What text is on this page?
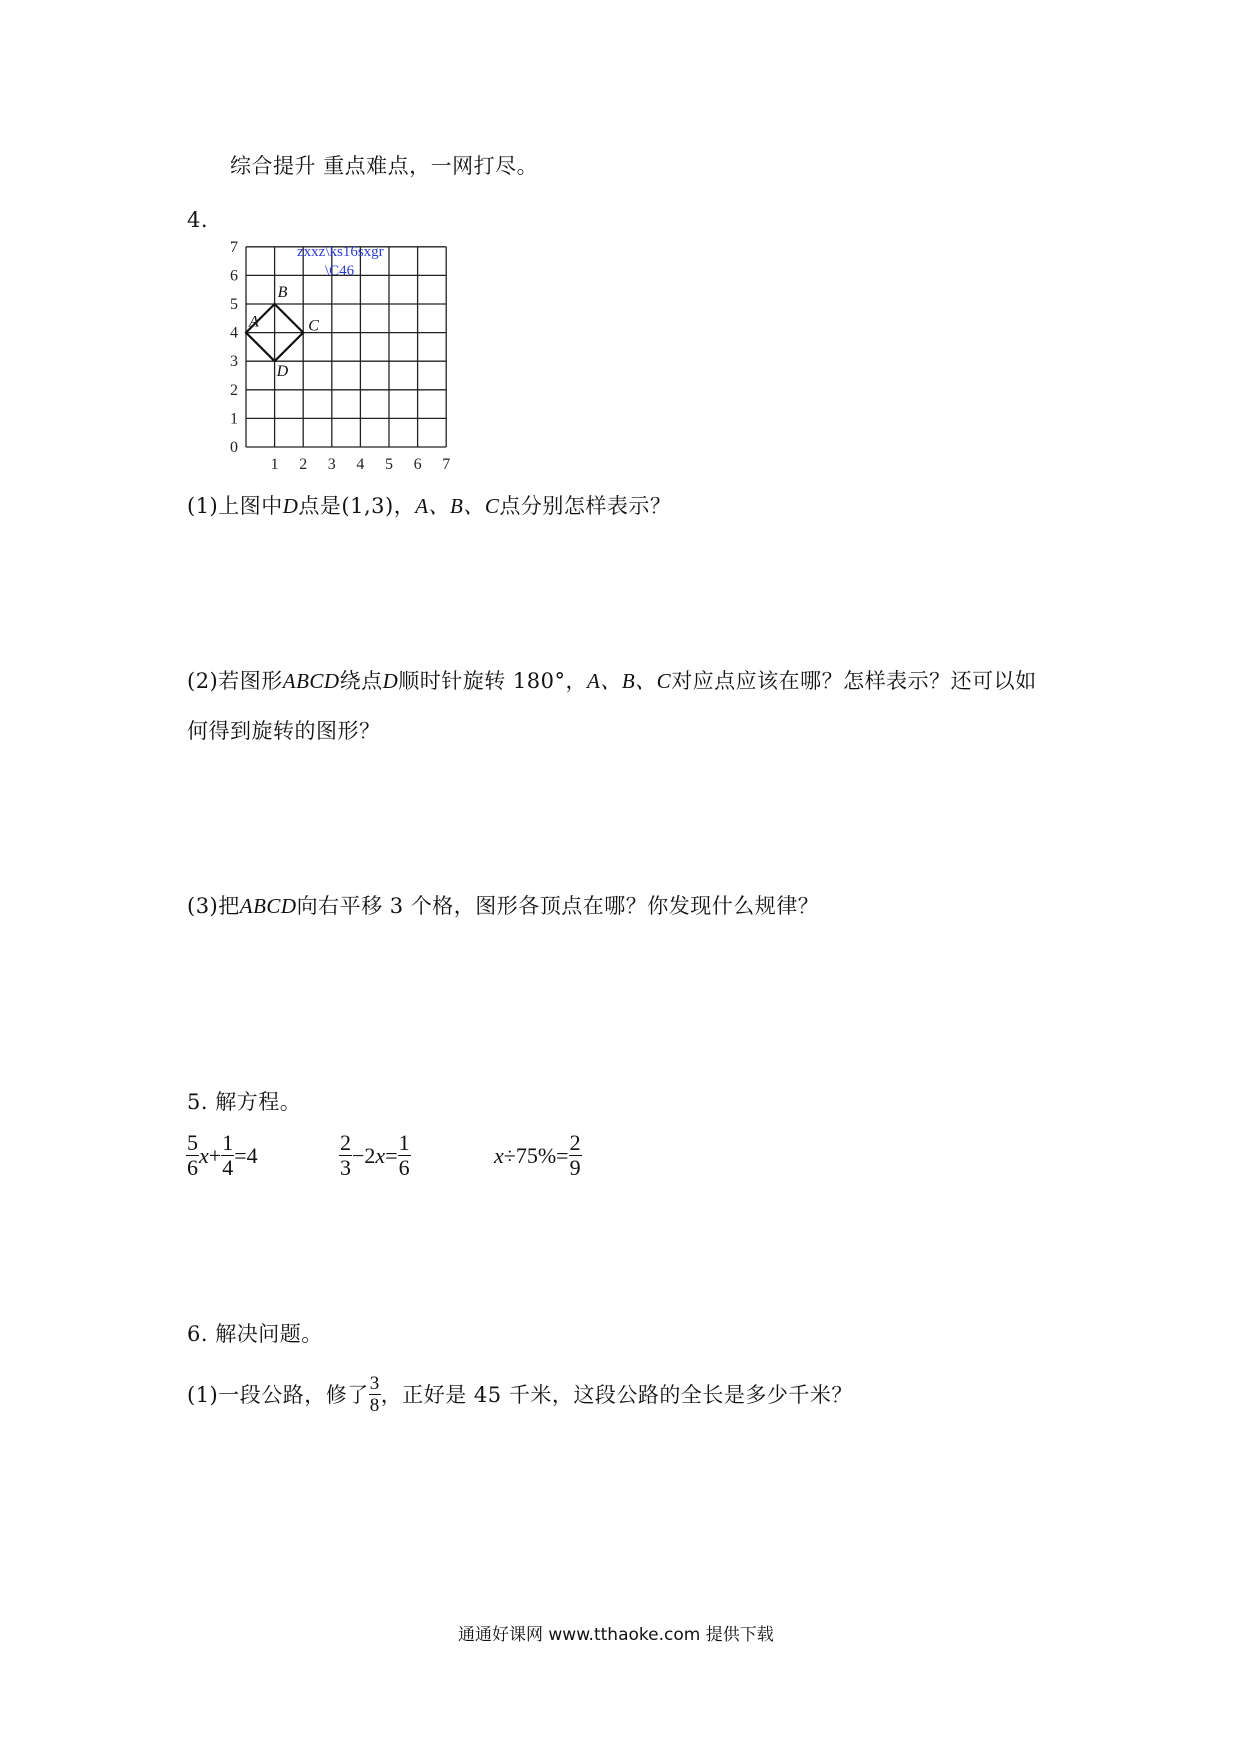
综合提升 重点难点，一网打尽。
4.
1 2 3 4 5 6 7
0
1
2
3
4
5
6
7	zxxz\ks16sxgr
\C46
A
B
C
D
(1)上图中D点是(1,3)，A、B、C点分别怎样表示？
(2)若图形ABCD绕点D顺时针旋转 180°，A、B、C对应点应该在哪？怎样表示？还可以如
何得到旋转的图形？
(3)把ABCD向右平移 3 个格，图形各顶点在哪？你发现什么规律？
5. 解方程。
$\frac{5}{6}$ $x + \frac{1}{4} =4$	$\frac{2}{3} -2$ $x = \frac{1}{6}$	$x \div 75\%= \frac{2}{9}$
6. 解决问题。
(1)一段公路，修了 $\frac{3}{8}$ ，正好是 45 千米，这段公路的全长是多少千米？
通通好课网 www.tthaoke.com 提供下载
